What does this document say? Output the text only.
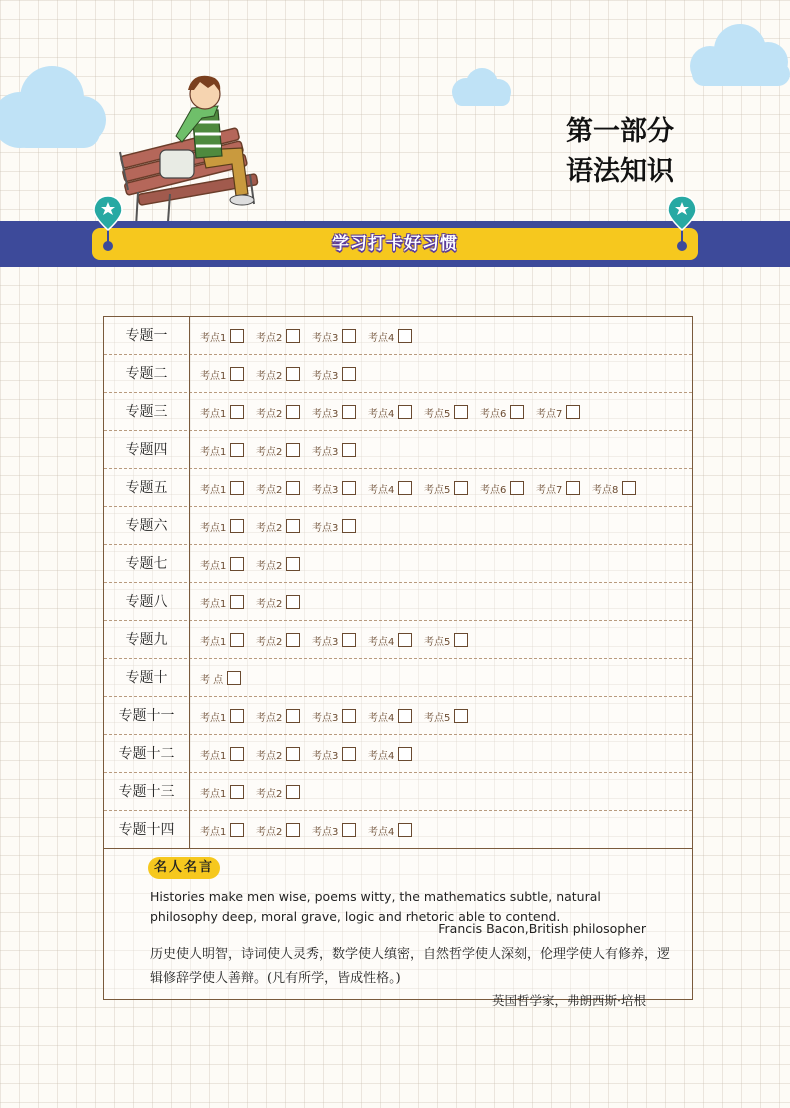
第一部分
语法知识
学习打卡好习惯
专题一	考点1	考点2	考点3	考点4
专题二	考点1	考点2	考点3
专题三	考点1	考点2	考点3	考点4	考点5	考点6	考点7
专题四	考点1	考点2	考点3
专题五	考点1	考点2	考点3	考点4	考点5	考点6	考点7	考点8
专题六	考点1	考点2	考点3
专题七	考点1	考点2
专题八	考点1	考点2
专题九	考点1	考点2	考点3	考点4	考点5
专题十	考 点
专题十一	考点1	考点2	考点3	考点4	考点5
专题十二	考点1	考点2	考点3	考点4
专题十三	考点1	考点2
专题十四	考点1	考点2	考点3	考点4
名人名言
Histories make men wise, poems witty, the mathematics subtle, natural philosophy deep, moral grave, logic and rhetoric able to contend.
Francis Bacon,British philosopher
历史使人明智，诗词使人灵秀，数学使人缜密，自然哲学使人深刻，伦理学使人有修养，逻辑修辞学使人善辩。(凡有所学，皆成性格。)
英国哲学家，弗朗西斯·培根
